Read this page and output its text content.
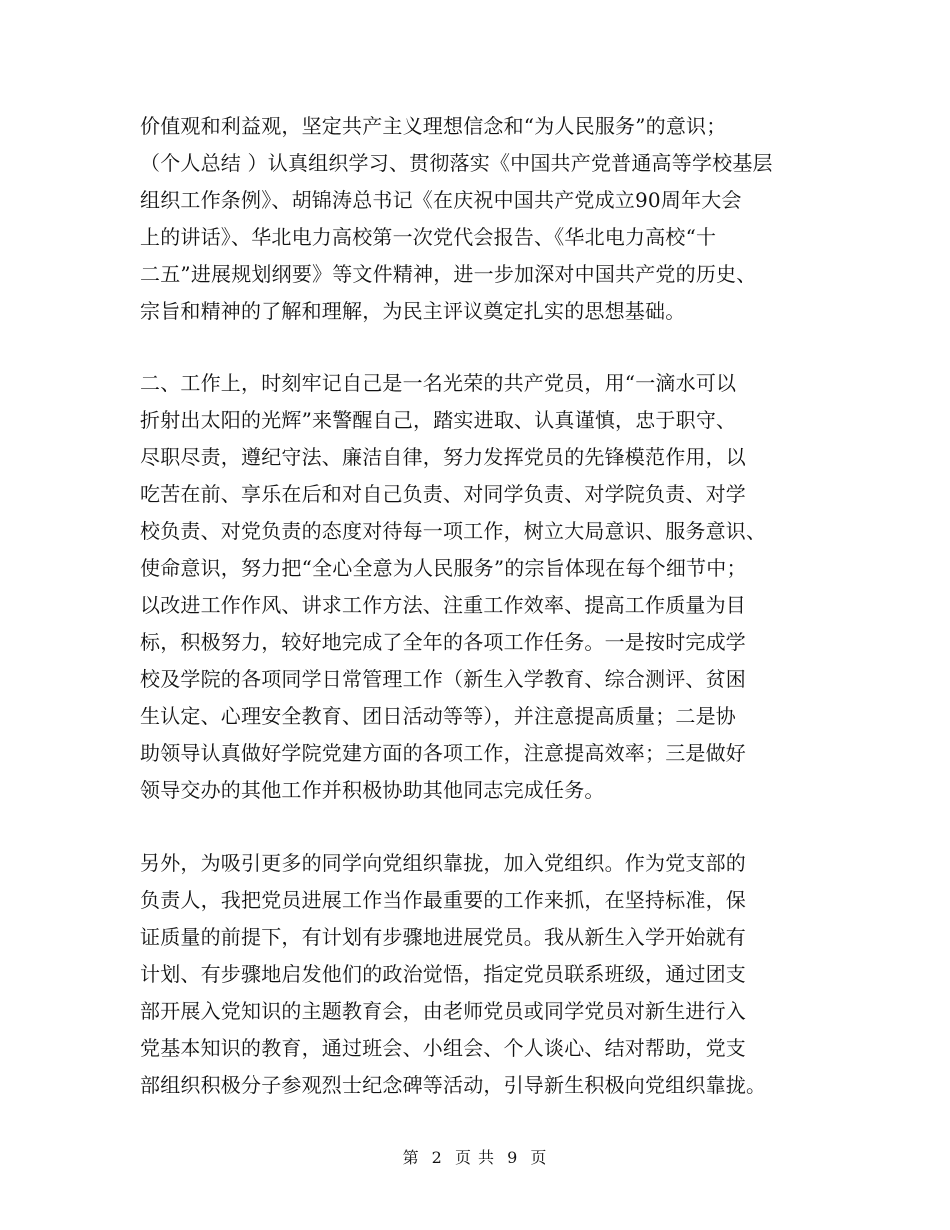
价值观和利益观，坚定共产主义理想信念和“为人民服务”的意识；
（个人总结 ）认真组织学习、贯彻落实《中国共产党普通高等学校基层
组织工作条例》、胡锦涛总书记《在庆祝中国共产党成立90周年大会
上的讲话》、华北电力高校第一次党代会报告、《华北电力高校“十
二五”进展规划纲要》等文件精神，进一步加深对中国共产党的历史、
宗旨和精神的了解和理解，为民主评议奠定扎实的思想基础。
二、工作上，时刻牢记自己是一名光荣的共产党员，用“一滴水可以
折射出太阳的光辉”来警醒自己，踏实进取、认真谨慎，忠于职守、
尽职尽责，遵纪守法、廉洁自律，努力发挥党员的先锋模范作用，以
吃苦在前、享乐在后和对自己负责、对同学负责、对学院负责、对学
校负责、对党负责的态度对待每一项工作，树立大局意识、服务意识、
使命意识，努力把“全心全意为人民服务”的宗旨体现在每个细节中；
以改进工作作风、讲求工作方法、注重工作效率、提高工作质量为目
标，积极努力，较好地完成了全年的各项工作任务。一是按时完成学
校及学院的各项同学日常管理工作（新生入学教育、综合测评、贫困
生认定、心理安全教育、团日活动等等），并注意提高质量；二是协
助领导认真做好学院党建方面的各项工作，注意提高效率；三是做好
领导交办的其他工作并积极协助其他同志完成任务。
另外，为吸引更多的同学向党组织靠拢，加入党组织。作为党支部的
负责人，我把党员进展工作当作最重要的工作来抓，在坚持标准，保
证质量的前提下，有计划有步骤地进展党员。我从新生入学开始就有
计划、有步骤地启发他们的政治觉悟，指定党员联系班级，通过团支
部开展入党知识的主题教育会，由老师党员或同学党员对新生进行入
党基本知识的教育，通过班会、小组会、个人谈心、结对帮助，党支
部组织积极分子参观烈士纪念碑等活动，引导新生积极向党组织靠拢。
第 2 页 共 9 页
